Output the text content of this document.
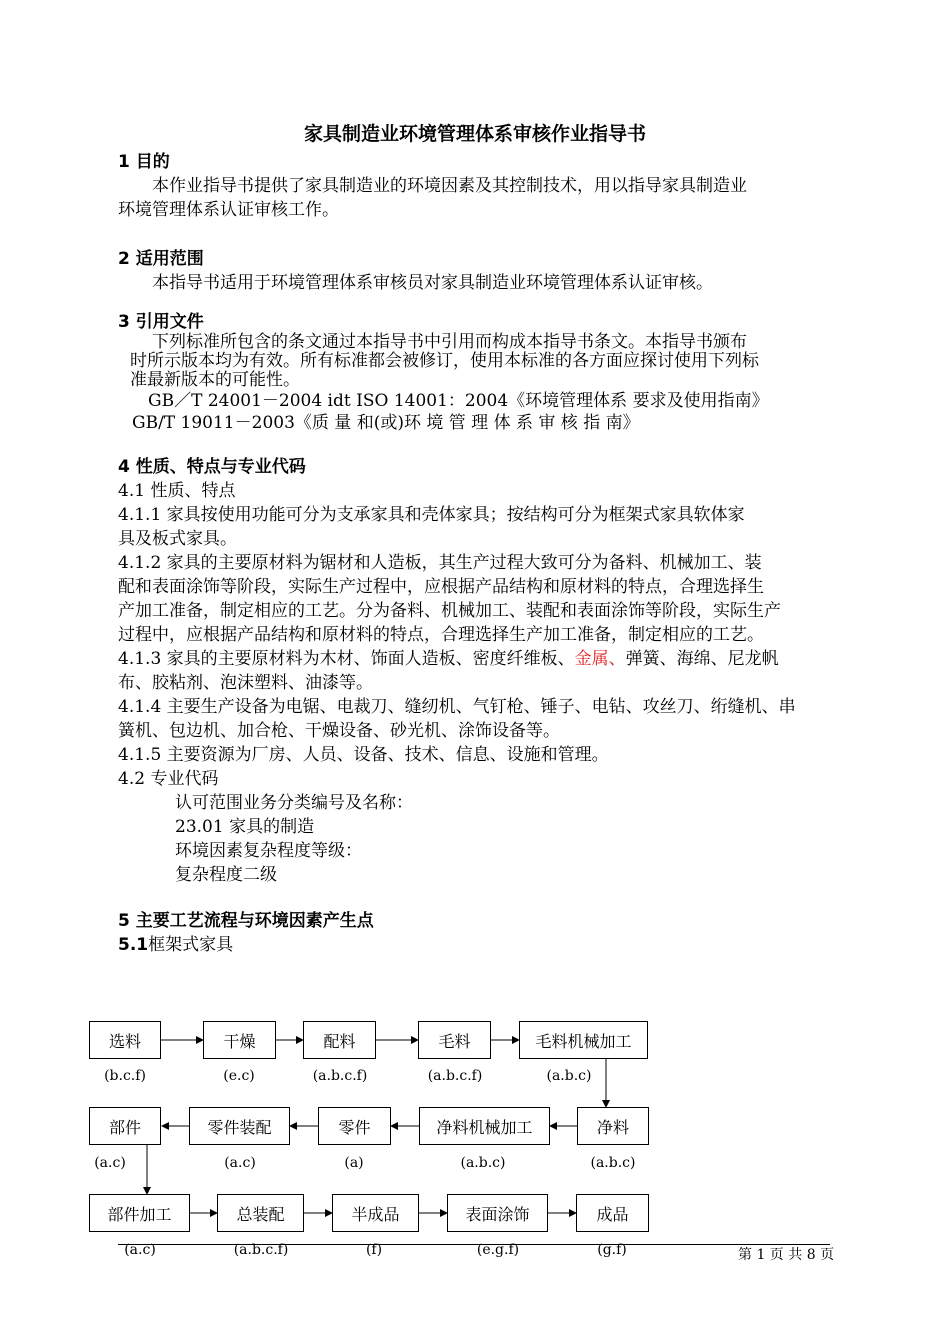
家具制造业环境管理体系审核作业指导书
1 目的
本作业指导书提供了家具制造业的环境因素及其控制技术，用以指导家具制造业
环境管理体系认证审核工作。
2 适用范围
本指导书适用于环境管理体系审核员对家具制造业环境管理体系认证审核。
3 引用文件
下列标准所包含的条文通过本指导书中引用而构成本指导书条文。本指导书颁布
时所示版本均为有效。所有标准都会被修订，使用本标准的各方面应探讨使用下列标
准最新版本的可能性。
GB／T 24001－2004 idt ISO 14001：2004《环境管理体系 要求及使用指南》
GB/T 19011－2003《质 量 和(或)环 境 管 理 体 系 审 核 指 南》
4 性质、特点与专业代码
4.1 性质、特点
4.1.1 家具按使用功能可分为支承家具和壳体家具；按结构可分为框架式家具软体家
具及板式家具。
4.1.2 家具的主要原材料为锯材和人造板，其生产过程大致可分为备料、机械加工、装
配和表面涂饰等阶段，实际生产过程中，应根据产品结构和原材料的特点，合理选择生
产加工准备，制定相应的工艺。分为备料、机械加工、装配和表面涂饰等阶段，实际生产
过程中，应根据产品结构和原材料的特点，合理选择生产加工准备，制定相应的工艺。
4.1.3 家具的主要原材料为木材、饰面人造板、密度纤维板、金属、弹簧、海绵、尼龙帆
布、胶粘剂、泡沫塑料、油漆等。
4.1.4 主要生产设备为电锯、电裁刀、缝纫机、气钉枪、锤子、电钻、攻丝刀、绗缝机、串
簧机、包边机、加合枪、干燥设备、砂光机、涂饰设备等。
4.1.5 主要资源为厂房、人员、设备、技术、信息、设施和管理。
4.2 专业代码
认可范围业务分类编号及名称：
23.01 家具的制造
环境因素复杂程度等级：
复杂程度二级
5 主要工艺流程与环境因素产生点
5.1框架式家具
选料	干燥	配料	毛料	毛料机械加工
(b.c.f)	(e.c)	(a.b.c.f)	(a.b.c.f)	(a.b.c)
部件	零件装配	零件	净料机械加工	净料
(a.c)	(a.c)	(a)	(a.b.c)	(a.b.c)
部件加工	总装配	半成品	表面涂饰	成品
(a.c)	(a.b.c.f)	(f)	(e.g.f)	(g.f)	第 1 页 共 8 页
